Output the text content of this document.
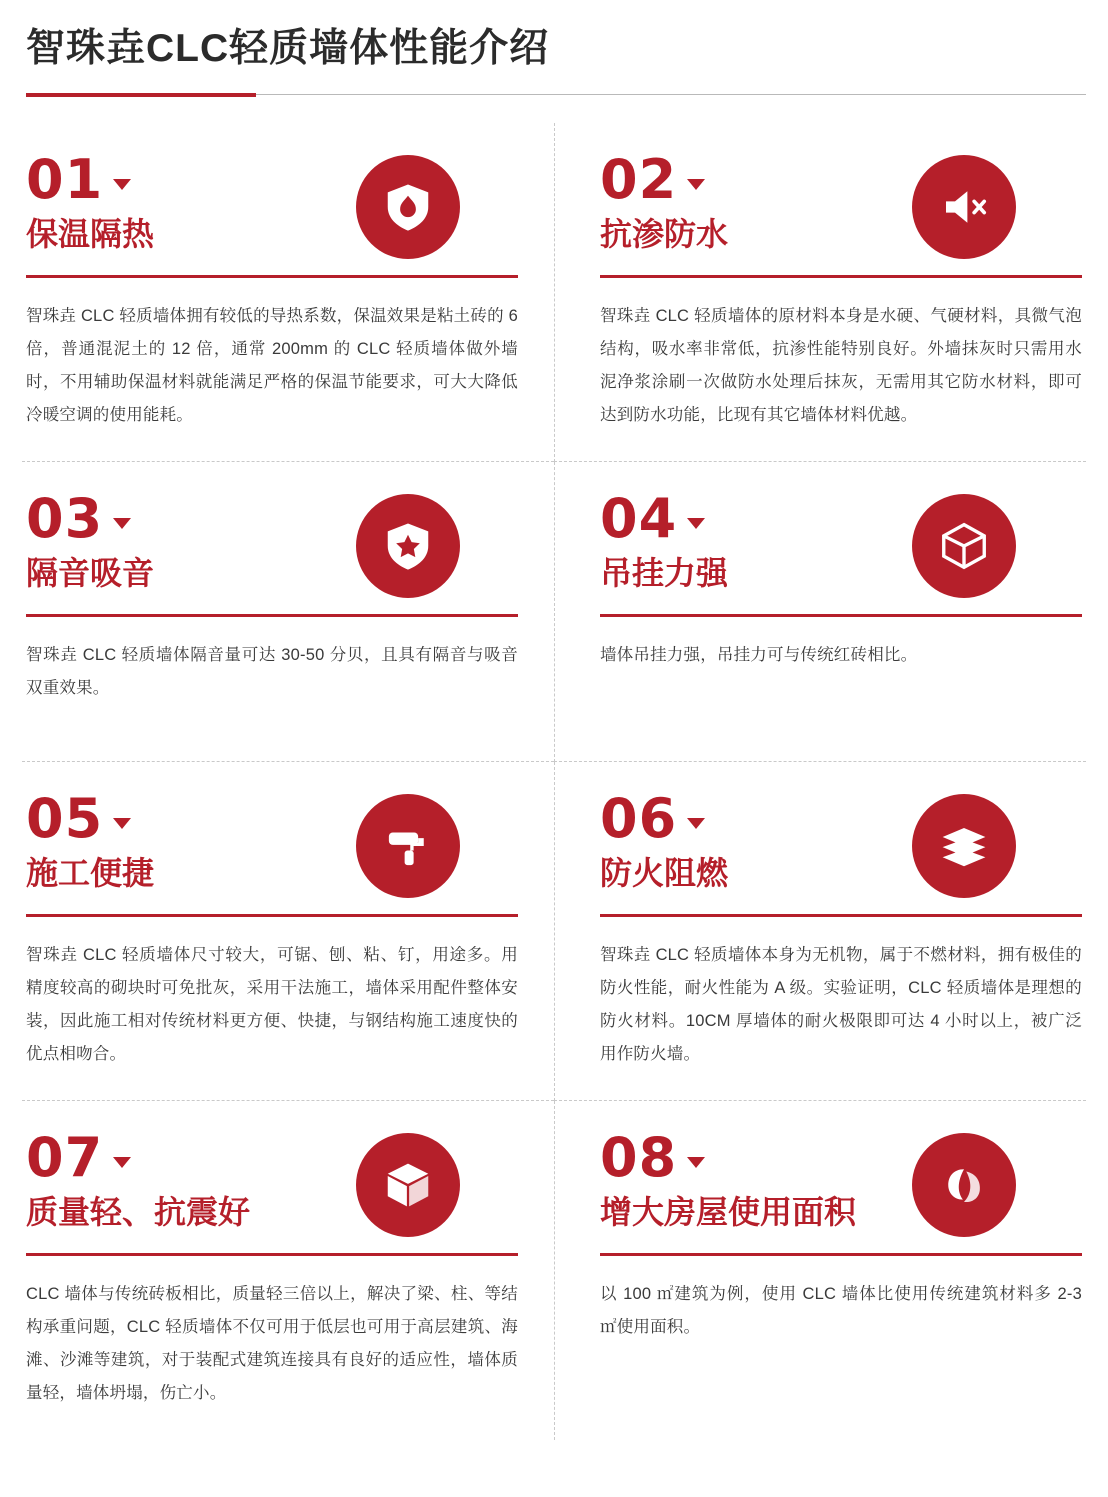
智珠垚CLC轻质墙体性能介绍
01
保温隔热
智珠垚 CLC 轻质墙体拥有较低的导热系数，保温效果是粘土砖的 6 倍，普通混泥土的 12 倍，通常 200mm 的 CLC 轻质墙体做外墙时，不用辅助保温材料就能满足严格的保温节能要求，可大大降低冷暖空调的使用能耗。
02
抗渗防水
智珠垚 CLC 轻质墙体的原材料本身是水硬、气硬材料，具微气泡结构，吸水率非常低，抗渗性能特别良好。外墙抹灰时只需用水泥净浆涂刷一次做防水处理后抹灰，无需用其它防水材料，即可达到防水功能，比现有其它墙体材料优越。
03
隔音吸音
智珠垚 CLC 轻质墙体隔音量可达 30-50 分贝，且具有隔音与吸音双重效果。
04
吊挂力强
墙体吊挂力强，吊挂力可与传统红砖相比。
05
施工便捷
智珠垚 CLC 轻质墙体尺寸较大，可锯、刨、粘、钉，用途多。用精度较高的砌块时可免批灰，采用干法施工，墙体采用配件整体安装，因此施工相对传统材料更方便、快捷，与钢结构施工速度快的优点相吻合。
06
防火阻燃
智珠垚 CLC 轻质墙体本身为无机物，属于不燃材料，拥有极佳的防火性能，耐火性能为 A 级。实验证明，CLC 轻质墙体是理想的防火材料。10CM 厚墙体的耐火极限即可达 4 小时以上，被广泛用作防火墙。
07
质量轻、抗震好
CLC 墙体与传统砖板相比，质量轻三倍以上，解决了梁、柱、等结构承重问题，CLC 轻质墙体不仅可用于低层也可用于高层建筑、海滩、沙滩等建筑，对于装配式建筑连接具有良好的适应性，墙体质量轻，墙体坍塌，伤亡小。
08
增大房屋使用面积
以 100 ㎡建筑为例，使用 CLC 墙体比使用传统建筑材料多 2-3 ㎡使用面积。
